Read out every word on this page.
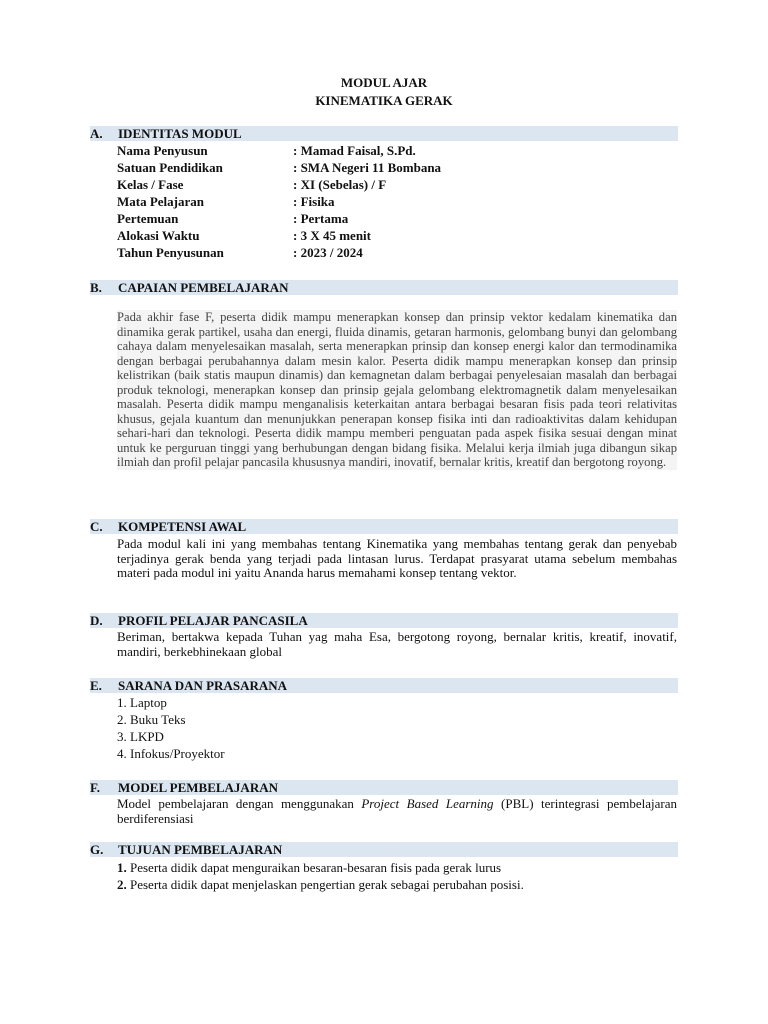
MODUL AJAR
KINEMATIKA GERAK
A. IDENTITAS MODUL
Nama Penyusun	: Mamad Faisal, S.Pd.
Satuan Pendidikan	: SMA Negeri 11 Bombana
Kelas / Fase	: XI (Sebelas) / F
Mata Pelajaran	: Fisika
Pertemuan	: Pertama
Alokasi Waktu	: 3 X 45 menit
Tahun Penyusunan	: 2023 / 2024
B. CAPAIAN PEMBELAJARAN
Pada akhir fase F, peserta didik mampu menerapkan konsep dan prinsip vektor kedalam kinematika dan dinamika gerak partikel, usaha dan energi, fluida dinamis, getaran harmonis, gelombang bunyi dan gelombang cahaya dalam menyelesaikan masalah, serta menerapkan prinsip dan konsep energi kalor dan termodinamika dengan berbagai perubahannya dalam mesin kalor. Peserta didik mampu menerapkan konsep dan prinsip kelistrikan (baik statis maupun dinamis) dan kemagnetan dalam berbagai penyelesaian masalah dan berbagai produk teknologi, menerapkan konsep dan prinsip gejala gelombang elektromagnetik dalam menyelesaikan masalah. Peserta didik mampu menganalisis keterkaitan antara berbagai besaran fisis pada teori relativitas khusus, gejala kuantum dan menunjukkan penerapan konsep fisika inti dan radioaktivitas dalam kehidupan sehari-hari dan teknologi. Peserta didik mampu memberi penguatan pada aspek fisika sesuai dengan minat untuk ke perguruan tinggi yang berhubungan dengan bidang fisika. Melalui kerja ilmiah juga dibangun sikap ilmiah dan profil pelajar pancasila khususnya mandiri, inovatif, bernalar kritis, kreatif dan bergotong royong.
C. KOMPETENSI AWAL
Pada modul kali ini yang membahas tentang Kinematika yang membahas tentang gerak dan penyebab terjadinya gerak benda yang terjadi pada lintasan lurus. Terdapat prasyarat utama sebelum membahas materi pada modul ini yaitu Ananda harus memahami konsep tentang vektor.
D. PROFIL PELAJAR PANCASILA
Beriman, bertakwa kepada Tuhan yag maha Esa, bergotong royong, bernalar kritis, kreatif, inovatif, mandiri, berkebhinekaan global
E. SARANA DAN PRASARANA
1. Laptop
2. Buku Teks
3. LKPD
4. Infokus/Proyektor
F. MODEL PEMBELAJARAN
Model pembelajaran dengan menggunakan Project Based Learning (PBL) terintegrasi pembelajaran berdiferensiasi
G. TUJUAN PEMBELAJARAN
1. Peserta didik dapat menguraikan besaran-besaran fisis pada gerak lurus
2. Peserta didik dapat menjelaskan pengertian gerak sebagai perubahan posisi.
